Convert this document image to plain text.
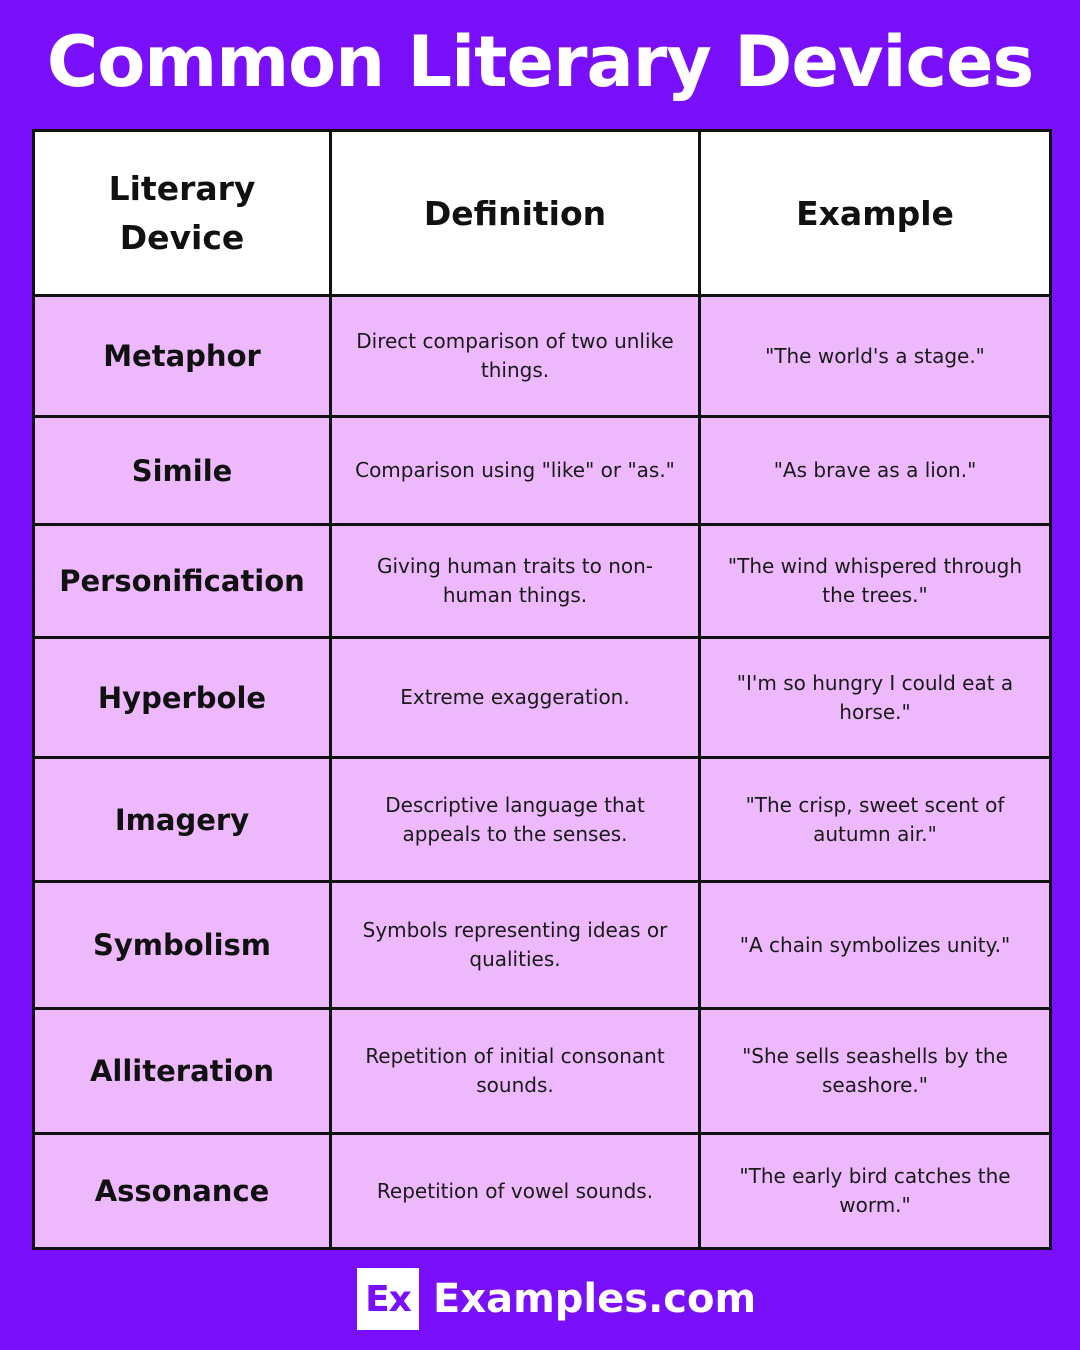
Common Literary Devices
Literary Device	Definition	Example
Metaphor	Direct comparison of two unlike things.	"The world's a stage."
Simile	Comparison using "like" or "as."	"As brave as a lion."
Personification	Giving human traits to non-human things.	"The wind whispered through the trees."
Hyperbole	Extreme exaggeration.	"I'm so hungry I could eat a horse."
Imagery	Descriptive language that appeals to the senses.	"The crisp, sweet scent of autumn air."
Symbolism	Symbols representing ideas or qualities.	"A chain symbolizes unity."
Alliteration	Repetition of initial consonant sounds.	"She sells seashells by the seashore."
Assonance	Repetition of vowel sounds.	"The early bird catches the worm."
Ex Examples.com
